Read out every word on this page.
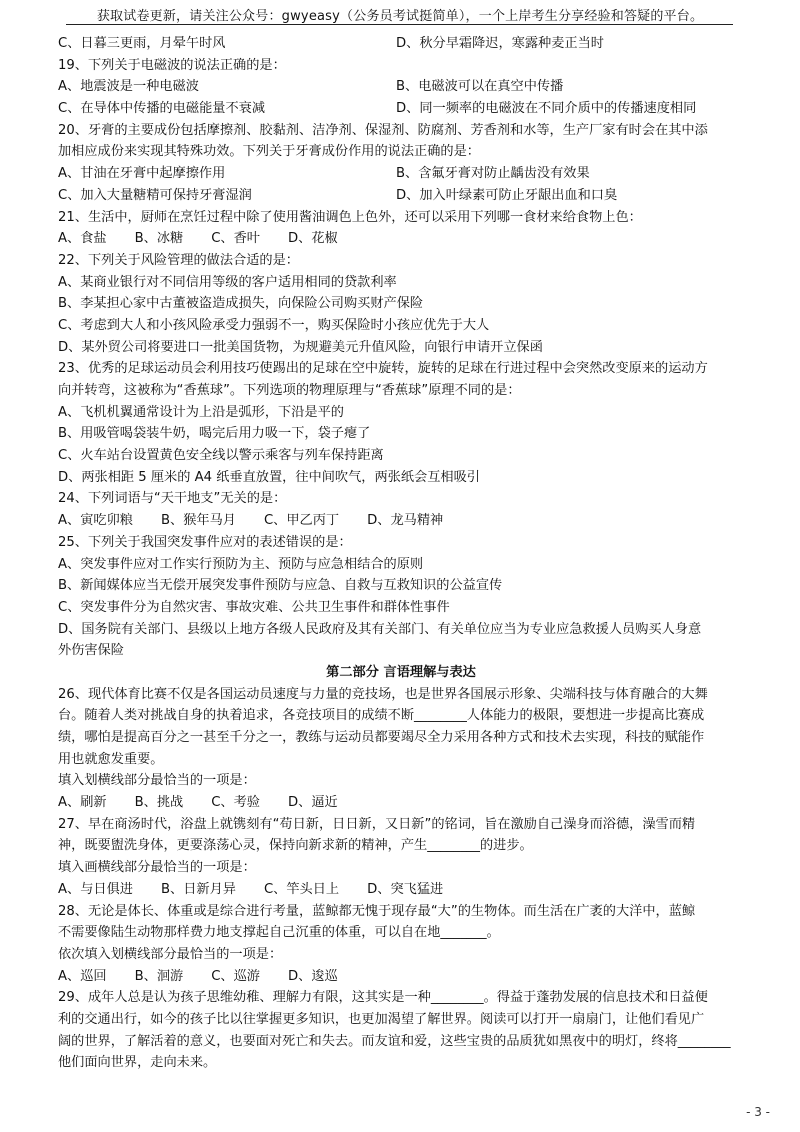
获取试卷更新，请关注公众号：gwyeasy（公务员考试挺简单），一个上岸考生分享经验和答疑的平台。
C、日暮三更雨，月晕午时风	D、秋分早霜降迟，寒露种麦正当时
19、下列关于电磁波的说法正确的是：
A、地震波是一种电磁波	B、电磁波可以在真空中传播
C、在导体中传播的电磁能量不衰减	D、同一频率的电磁波在不同介质中的传播速度相同
20、牙膏的主要成份包括摩擦剂、胶黏剂、洁净剂、保湿剂、防腐剂、芳香剂和水等，生产厂家有时会在其中添
加相应成份来实现其特殊功效。下列关于牙膏成份作用的说法正确的是：
A、甘油在牙膏中起摩擦作用	B、含氟牙膏对防止龋齿没有效果
C、加入大量糖精可保持牙膏湿润	D、加入叶绿素可防止牙龈出血和口臭
21、生活中，厨师在烹饪过程中除了使用酱油调色上色外，还可以采用下列哪一食材来给食物上色：
A、食盐 B、冰糖 C、香叶 D、花椒
22、下列关于风险管理的做法合适的是：
A、某商业银行对不同信用等级的客户适用相同的贷款利率
B、李某担心家中古董被盗造成损失，向保险公司购买财产保险
C、考虑到大人和小孩风险承受力强弱不一，购买保险时小孩应优先于大人
D、某外贸公司将要进口一批美国货物，为规避美元升值风险，向银行申请开立保函
23、优秀的足球运动员会利用技巧使踢出的足球在空中旋转，旋转的足球在行进过程中会突然改变原来的运动方
向并转弯，这被称为“香蕉球”。下列选项的物理原理与“香蕉球”原理不同的是：
A、飞机机翼通常设计为上沿是弧形，下沿是平的
B、用吸管喝袋装牛奶，喝完后用力吸一下，袋子瘪了
C、火车站台设置黄色安全线以警示乘客与列车保持距离
D、两张相距 5 厘米的 A4 纸垂直放置，往中间吹气，两张纸会互相吸引
24、下列词语与“天干地支”无关的是：
A、寅吃卯粮 B、猴年马月 C、甲乙丙丁 D、龙马精神
25、下列关于我国突发事件应对的表述错误的是：
A、突发事件应对工作实行预防为主、预防与应急相结合的原则
B、新闻媒体应当无偿开展突发事件预防与应急、自救与互救知识的公益宣传
C、突发事件分为自然灾害、事故灾难、公共卫生事件和群体性事件
D、国务院有关部门、县级以上地方各级人民政府及其有关部门、有关单位应当为专业应急救援人员购买人身意
外伤害保险
第二部分 言语理解与表达
26、现代体育比赛不仅是各国运动员速度与力量的竞技场，也是世界各国展示形象、尖端科技与体育融合的大舞
台。随着人类对挑战自身的执着追求，各竞技项目的成绩不断________人体能力的极限，要想进一步提高比赛成
绩，哪怕是提高百分之一甚至千分之一，教练与运动员都要竭尽全力采用各种方式和技术去实现，科技的赋能作
用也就愈发重要。
填入划横线部分最恰当的一项是：
A、刷新 B、挑战 C、考验 D、逼近
27、早在商汤时代，浴盘上就镌刻有“苟日新，日日新，又日新”的铭词，旨在激励自己澡身而浴德，澡雪而精
神，既要盥洗身体，更要涤荡心灵，保持向新求新的精神，产生________的进步。
填入画横线部分最恰当的一项是：
A、与日俱进 B、日新月异 C、竿头日上 D、突飞猛进
28、无论是体长、体重或是综合进行考量，蓝鲸都无愧于现存最“大”的生物体。而生活在广袤的大洋中，蓝鲸
不需要像陆生动物那样费力地支撑起自己沉重的体重，可以自在地_______。
依次填入划横线部分最恰当的一项是：
A、巡回 B、洄游 C、巡游 D、逡巡
29、成年人总是认为孩子思维幼稚、理解力有限，这其实是一种________。得益于蓬勃发展的信息技术和日益便
利的交通出行，如今的孩子比以往掌握更多知识，也更加渴望了解世界。阅读可以打开一扇扇门，让他们看见广
阔的世界，了解活着的意义，也要面对死亡和失去。而友谊和爱，这些宝贵的品质犹如黑夜中的明灯，终将________
他们面向世界，走向未来。
- 3 -
